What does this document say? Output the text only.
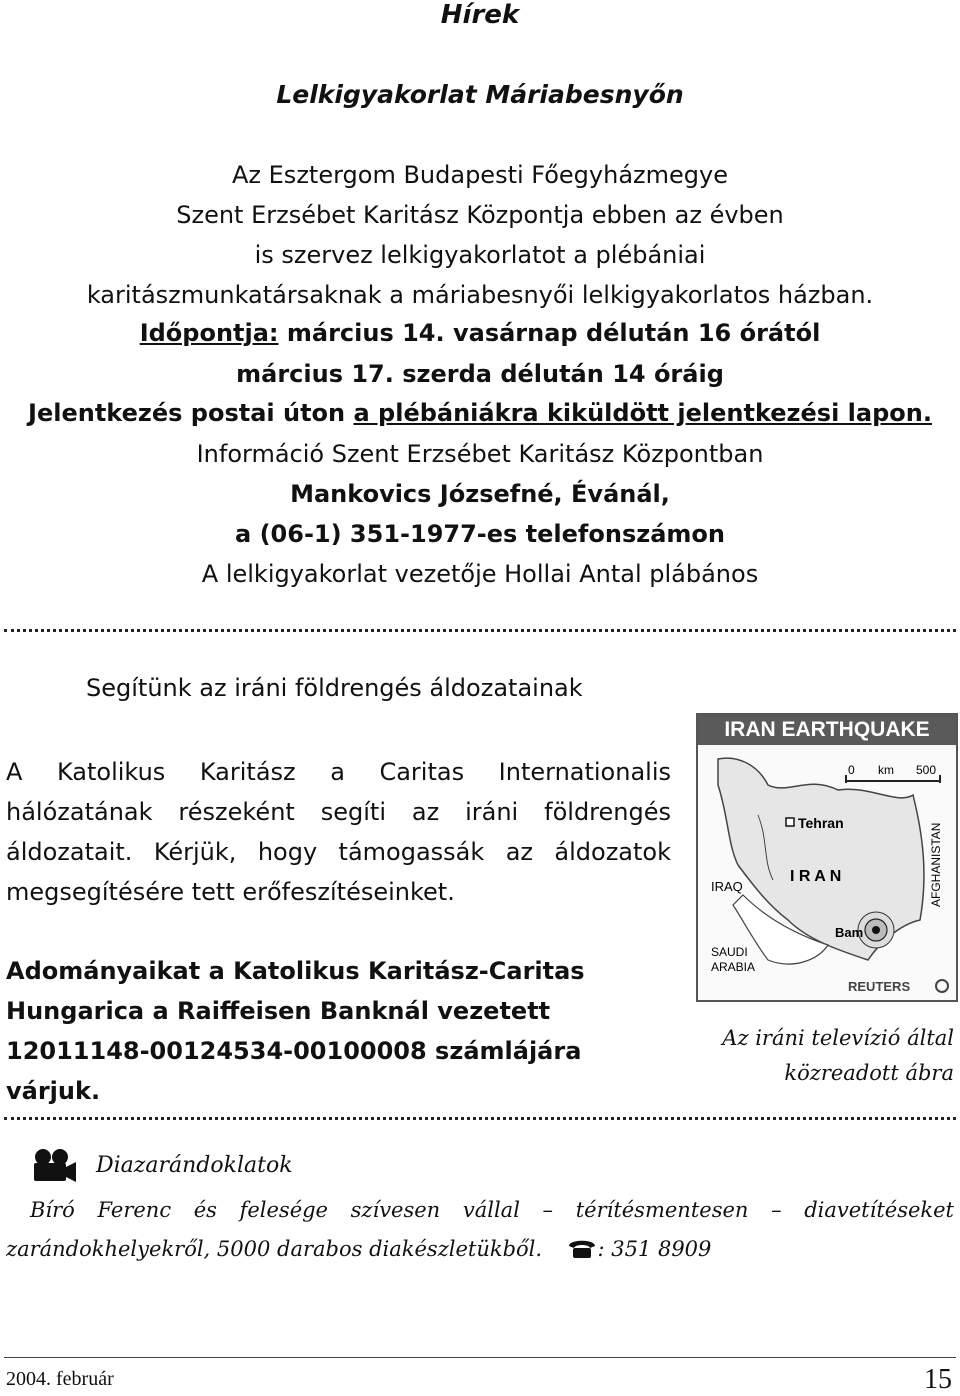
Hírek
Lelkigyakorlat Máriabesnyőn
Az Esztergom Budapesti Főegyházmegye
Szent Erzsébet Karitász Központja ebben az évben
is szervez lelkigyakorlatot a plébániai
karitászmunkatársaknak a máriabesnyői lelkigyakorlatos házban.
Időpontja: március 14. vasárnap délután 16 órától
március 17. szerda délután 14 óráig
Jelentkezés postai úton a plébániákra kiküldött jelentkezési lapon.
Információ Szent Erzsébet Karitász Központban
Mankovics Józsefné, Évánál,
a (06-1) 351-1977-es telefonszámon
A lelkigyakorlat vezetője Hollai Antal plábános
Segítünk az iráni földrengés áldozatainak
A Katolikus Karitász a Caritas Internationalis
hálózatának részeként segíti az iráni földrengés
áldozatait. Kérjük, hogy támogassák az áldozatok
megsegítésére tett erőfeszítéseinket.
Adományaikat a Katolikus Karitász-Caritas
Hungarica a Raiffeisen Banknál vezetett
12011148-00124534-00100008 számlájára várjuk.
IRAN EARTHQUAKE
0 km 500
Tehran
I R A N
IRAQ	AFGHANISTAN
Bam
SAUDI
ARABIA
REUTERS
Az iráni televízió által
közreadott ábra
Diazarándoklatok
Bíró Ferenc és felesége szívesen vállal – térítésmentesen – diavetítéseket
zarándokhelyekről, 5000 darabos diakészletükből.	: 351 8909
2004. február	15
